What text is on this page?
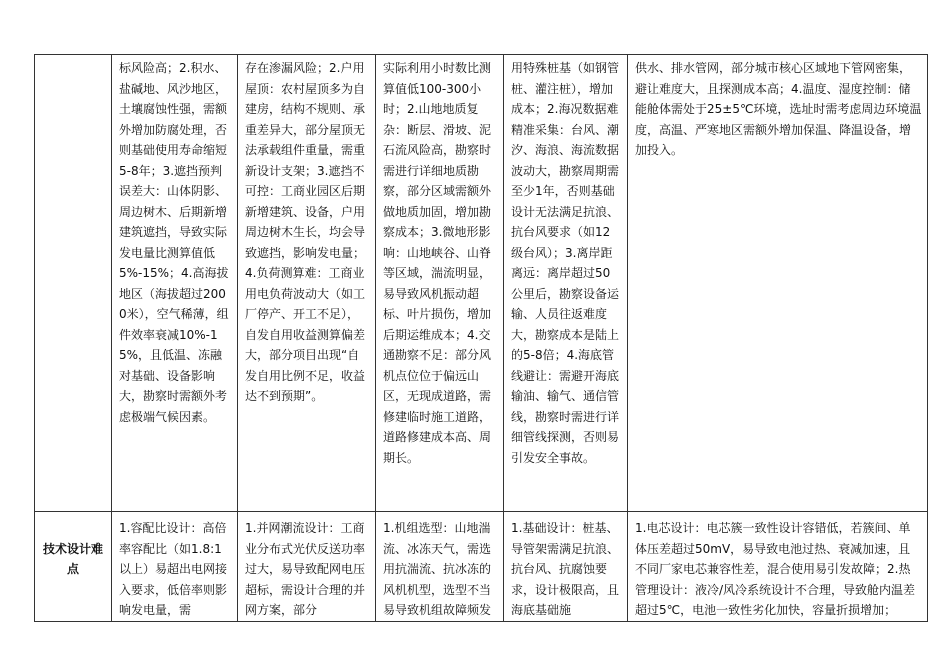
	标风险高；2.积水、盐碱地、风沙地区，土壤腐蚀性强，需额外增加防腐处理，否则基础使用寿命缩短5-8年；3.遮挡预判误差大：山体阴影、周边树木、后期新增建筑遮挡，导致实际发电量比测算值低5%-15%；4.高海拔地区（海拔超过2000米），空气稀薄，组件效率衰减10%-15%，且低温、冻融对基础、设备影响大，勘察时需额外考虑极端气候因素。	存在渗漏风险；2.户用屋顶：农村屋顶多为自建房，结构不规则、承重差异大，部分屋顶无法承载组件重量，需重新设计支架；3.遮挡不可控：工商业园区后期新增建筑、设备，户用周边树木生长，均会导致遮挡，影响发电量；4.负荷测算难：工商业用电负荷波动大（如工厂停产、开工不足），自发自用收益测算偏差大，部分项目出现“自发自用比例不足，收益达不到预期”。	实际利用小时数比测算值低100-300小时；2.山地地质复杂：断层、滑坡、泥石流风险高，勘察时需进行详细地质勘察，部分区域需额外做地质加固，增加勘察成本；3.微地形影响：山地峡谷、山脊等区域，湍流明显，易导致风机振动超标、叶片损伤，增加后期运维成本；4.交通勘察不足：部分风机点位位于偏远山区，无现成道路，需修建临时施工道路，道路修建成本高、周期长。	用特殊桩基（如钢管桩、灌注桩），增加成本；2.海况数据难精准采集：台风、潮汐、海浪、海流数据波动大，勘察周期需至少1年，否则基础设计无法满足抗浪、抗台风要求（如12级台风）；3.离岸距离远：离岸超过50公里后，勘察设备运输、人员往返难度大，勘察成本是陆上的5-8倍；4.海底管线避让：需避开海底输油、输气、通信管线，勘察时需进行详细管线探测，否则易引发安全事故。	供水、排水管网，部分城市核心区域地下管网密集，避让难度大，且探测成本高；4.温度、湿度控制：储能舱体需处于25±5℃环境，选址时需考虑周边环境温度，高温、严寒地区需额外增加保温、降温设备，增加投入。
技术设计难点	1.容配比设计：高倍率容配比（如1.8:1以上）易超出电网接入要求，低倍率则影响发电量，需	1.并网潮流设计：工商业分布式光伏反送功率过大，易导致配网电压超标，需设计合理的并网方案，部分	1.机组选型：山地湍流、冰冻天气，需选用抗湍流、抗冰冻的风机机型，选型不当易导致机组故障频发	1.基础设计：桩基、导管架需满足抗浪、抗台风、抗腐蚀要求，设计极限高，且海底基础施	1.电芯设计：电芯簇一致性设计容错低，若簇间、单体压差超过50mV，易导致电池过热、衰减加速，且不同厂家电芯兼容性差，混合使用易引发故障；2.热管理设计：液冷/风冷系统设计不合理，导致舱内温差超过5℃，电池一致性劣化加快，容量折损增加；
